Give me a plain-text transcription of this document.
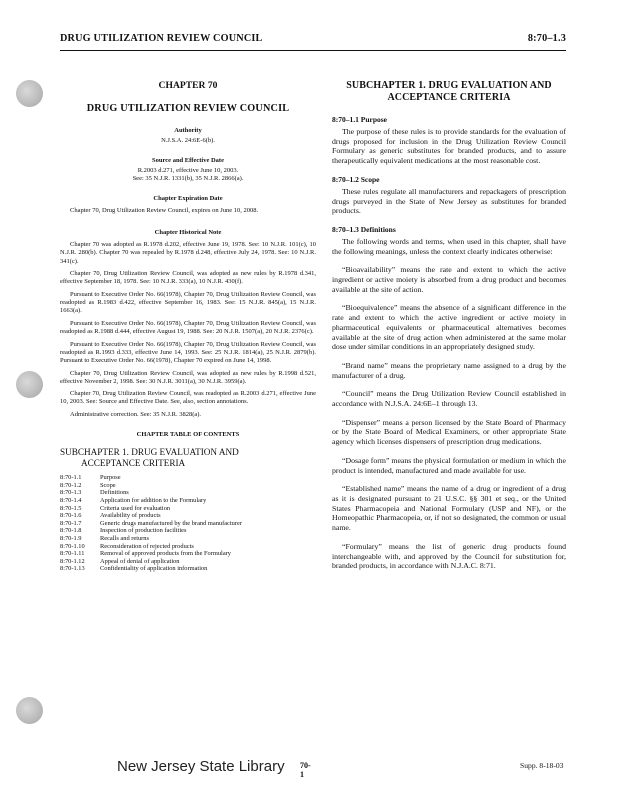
DRUG UTILIZATION REVIEW COUNCIL	8:70–1.3
CHAPTER 70
DRUG UTILIZATION REVIEW COUNCIL
Authority
N.J.S.A. 24:6E-6(b).
Source and Effective Date
R.2003 d.271, effective June 10, 2003.
See: 35 N.J.R. 1331(b), 35 N.J.R. 2866(a).
Chapter Expiration Date
Chapter 70, Drug Utilization Review Council, expires on June 10, 2008.
Chapter Historical Note
Chapter 70 was adopted as R.1978 d.202, effective June 19, 1978. See: 10 N.J.R. 101(c), 10 N.J.R. 280(b). Chapter 70 was repealed by R.1978 d.248, effective July 24, 1978. See: 10 N.J.R. 341(c).
Chapter 70, Drug Utilization Review Council, was adopted as new rules by R.1978 d.341, effective September 18, 1978. See: 10 N.J.R. 333(a), 10 N.J.R. 430(f).
Pursuant to Executive Order No. 66(1978), Chapter 70, Drug Utilization Review Council, was readopted as R.1983 d.422, effective September 16, 1983. See: 15 N.J.R. 845(a), 15 N.J.R. 1663(a).
Pursuant to Executive Order No. 66(1978), Chapter 70, Drug Utilization Review Council, was readopted as R.1988 d.444, effective August 19, 1988. See: 20 N.J.R. 1507(a), 20 N.J.R. 2376(c).
Pursuant to Executive Order No. 66(1978), Chapter 70, Drug Utilization Review Council, was readopted as R.1993 d.333, effective June 14, 1993. See: 25 N.J.R. 1814(a), 25 N.J.R. 2879(b). Pursuant to Executive Order No. 66(1978), Chapter 70 expired on June 14, 1998.
Chapter 70, Drug Utilization Review Council, was adopted as new rules by R.1998 d.521, effective November 2, 1998. See: 30 N.J.R. 3011(a), 30 N.J.R. 3959(a).
Chapter 70, Drug Utilization Review Council, was readopted as R.2003 d.271, effective June 10, 2003. See: Source and Effective Date. See, also, section annotations.
Administrative correction. See: 35 N.J.R. 3828(a).
CHAPTER TABLE OF CONTENTS
SUBCHAPTER 1. DRUG EVALUATION AND
ACCEPTANCE CRITERIA
8:70-1.1	Purpose
8:70-1.2	Scope
8:70-1.3	Definitions
8:70-1.4	Application for addition to the Formulary
8:70-1.5	Criteria used for evaluation
8:70-1.6	Availability of products
8:70-1.7	Generic drugs manufactured by the brand manufacturer
8:70-1.8	Inspection of production facilities
8:70-1.9	Recalls and returns
8:70-1.10	Reconsideration of rejected products
8:70-1.11	Removal of approved products from the Formulary
8:70-1.12	Appeal of denial of application
8:70-1.13	Confidentiality of application information
SUBCHAPTER 1. DRUG EVALUATION AND
ACCEPTANCE CRITERIA
8:70–1.1 Purpose
The purpose of these rules is to provide standards for the evaluation of drugs proposed for inclusion in the Drug Utilization Review Council Formulary as generic substitutes for branded products, and to assure therapeutically equivalent medications at the most reasonable cost.
8:70–1.2 Scope
These rules regulate all manufacturers and repackagers of prescription drugs purveyed in the State of New Jersey as substitutes for branded products.
8:70–1.3 Definitions
The following words and terms, when used in this chapter, shall have the following meanings, unless the context clearly indicates otherwise:
“Bioavailability” means the rate and extent to which the active ingredient or active moiety is absorbed from a drug product and becomes available at the site of action.
“Bioequivalence” means the absence of a significant difference in the rate and extent to which the active ingredient or active moiety in pharmaceutical equivalents or pharmaceutical alternatives becomes available at the site of drug action when administered at the same molar dose under similar conditions in an appropriately designed study.
“Brand name” means the proprietary name assigned to a drug by the manufacturer of a drug.
“Council” means the Drug Utilization Review Council established in accordance with N.J.S.A. 24:6E–1 through 13.
“Dispenser” means a person licensed by the State Board of Pharmacy or by the State Board of Medical Examiners, or other appropriate State agency which licenses dispensers of prescription drug medications.
“Dosage form” means the physical formulation or medium in which the product is intended, manufactured and made available for use.
“Established name” means the name of a drug or ingredient of a drug as it is designated pursuant to 21 U.S.C. §§ 301 et seq., or the United States Pharmacopeia and National Formulary (USP and NF), or the Homeopathic Pharmacopeia, or, if not so designated, the common or usual name.
“Formulary” means the list of generic drug products found interchangeable with, and approved by the Council for substitution for, branded products, in accordance with N.J.A.C. 8:71.
New Jersey State Library 70-1
Supp. 8-18-03
